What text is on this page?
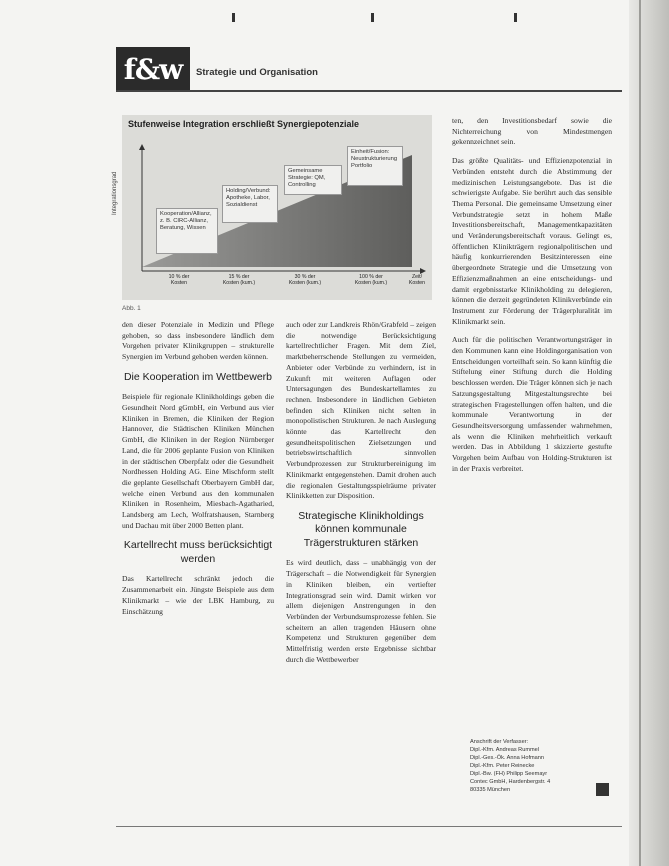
f&w	Strategie und Organisation
Stufenweise Integration erschließt Synergiepotenziale
Integrationsgrad	Kooperation/Allianz, z. B. CIRC-Allianz, Beratung, Wissen
Holding/Verbund: Apotheke, Labor, Sozialdienst
Gemeinsame Strategie: QM, Controlling
Einheit/Fusion: Neustrukturierung Portfolio
10 % der
Kosten
15 % der
Kosten (kum.)
30 % der
Kosten (kum.)
100 % der
Kosten (kum.)
Zeit/
Kosten
Abb. 1

den dieser Potenziale in Medizin und Pflege gehoben, so dass insbesondere ländlich dem Vorgehen privater Klinikgruppen – strukturelle Synergien im Verbund gehoben werden können.

Die Kooperation im Wettbewerb

Beispiele für regionale Klinikholdings geben die Gesundheit Nord gGmbH, ein Verbund aus vier Kliniken in Bremen, die Kliniken der Region Hannover, die Städtischen Kliniken München GmbH, die Kliniken in der Region Nürnberger Land, die für 2006 geplante Fusion von Kliniken in der städtischen Oberpfalz oder die Gesundheit Nordhessen Holding AG. Eine Mischform stellt die geplante Gesellschaft Oberbayern GmbH dar, welche einen Verbund aus den kommunalen Kliniken in Rosenheim, Miesbach-Agatharied, Landsberg am Lech, Wolfratshausen, Starnberg und Dachau mit über 2000 Betten plant.

Kartellrecht muss berücksichtigt werden

Das Kartellrecht schränkt jedoch die Zusammenarbeit ein. Jüngste Beispiele aus dem Klinikmarkt – wie der LBK Hamburg, zu Einschätzung

auch oder zur Landkreis Rhön/Grabfeld – zeigen die notwendige Berücksichtigung kartellrechtlicher Fragen. Mit dem Ziel, marktbeherrschende Stellungen zu vermeiden, Anbieter oder Verbünde zu verhindern, ist in Zukunft mit weiteren Auflagen oder Untersagungen des Bundeskartellamtes zu rechnen. Insbesondere in ländlichen Gebieten befinden sich Kliniken nicht selten in monopolistischen Strukturen. Je nach Auslegung könnte das Kartellrecht den gesundheitspolitischen Zielsetzungen und betriebswirtschaftlich sinnvollen Verbundprozessen zur Strukturbereinigung im Klinikmarkt entgegenstehen. Damit drohen auch die regionalen Gestaltungsspielräume privater Klinikketten zur Disposition.

Strategische Klinikholdings können kommunale Trägerstrukturen stärken

Es wird deutlich, dass – unabhängig von der Trägerschaft – die Notwendigkeit für Synergien in Kliniken bleiben, ein vertiefter Integrationsgrad sein wird. Damit wirken vor allem diejenigen Anstrengungen in den Verbünden der Verbundsumsprozesse fehlen. Sie scheitern an allen tragenden Häusern ohne Kompetenz und Strukturen gegenüber dem Mittelfristig werden erste Ergebnisse sichtbar durch die Wettbewerber

ten, den Investitionsbedarf sowie die Nichterreichung von Mindestmengen gekennzeichnet sein.

Das größte Qualitäts- und Effizienzpotenzial in Verbünden entsteht durch die Abstimmung der medizinischen Leistungsangebote. Das ist die schwierigste Aufgabe. Sie berührt auch das sensible Thema Personal. Die gemeinsame Umsetzung einer Verbundstrategie setzt in hohem Maße Investitionsbereitschaft, Managementkapazitäten und Veränderungsbereitschaft voraus. Gelingt es, öffentlichen Klinikträgern regionalpolitischen und häufig konkurrierenden Besitzinteressen eine übergeordnete Strategie und die Umsetzung von Effizienzmaßnahmen an eine entscheidungs- und damit ergebnisstarke Klinikholding zu delegieren, können die derzeit gegründeten Klinikverbünde ein Instrument zur Förderung der Trägerpluralität im Klinikmarkt sein.

Auch für die politischen Verantwortungsträger in den Kommunen kann eine Holdingorganisation von Entscheidungen vorteilhaft sein. So kann künftig die Stiftelung einer Stiftung durch die Holding beschlossen werden. Die Träger können sich je nach Satzungsgestaltung Mitgestaltungsrechte bei strategischen Fragestellungen offen halten, und die kommunale Verantwortung in der Gesundheitsversorgung umfassender wahrnehmen, als wenn die Kliniken mehrheitlich verkauft werden. Das in Abbildung 1 skizzierte gestufte Vorgehen beim Aufbau von Holding-Strukturen ist in der Praxis verbreitet.

Anschrift der Verfasser:

Dipl.-Kfm. Andreas Rummel

Dipl.-Ges.-Ök. Anna Hofmann

Dipl.-Kfm. Peter Reinecke

Dipl.-Bw. (FH) Philipp Seemayr

Contec GmbH, Hardenbergstr. 4

80335 München
